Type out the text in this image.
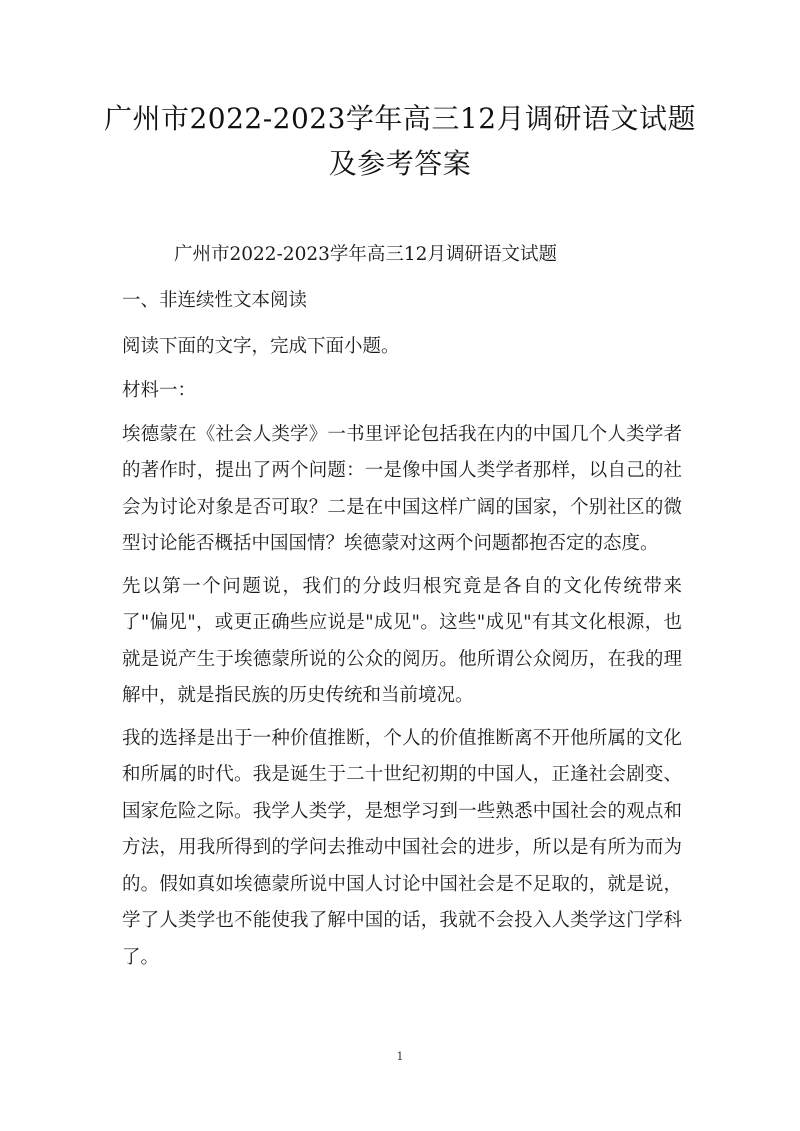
广州市2022-2023学年高三12月调研语文试题
及参考答案
广州市2022-2023学年高三12月调研语文试题

一、非连续性文本阅读

阅读下面的文字，完成下面小题。

材料一：

埃德蒙在《社会人类学》一书里评论包括我在内的中国几个人类学者的著作时，提出了两个问题：一是像中国人类学者那样，以自己的社会为讨论对象是否可取？二是在中国这样广阔的国家，个别社区的微型讨论能否概括中国国情？埃德蒙对这两个问题都抱否定的态度。

先以第一个问题说，我们的分歧归根究竟是各自的文化传统带来了"偏见"，或更正确些应说是"成见"。这些"成见"有其文化根源，也就是说产生于埃德蒙所说的公众的阅历。他所谓公众阅历，在我的理解中，就是指民族的历史传统和当前境况。

我的选择是出于一种价值推断，个人的价值推断离不开他所属的文化和所属的时代。我是诞生于二十世纪初期的中国人，正逢社会剧变、国家危险之际。我学人类学，是想学习到一些熟悉中国社会的观点和方法，用我所得到的学问去推动中国社会的进步，所以是有所为而为的。假如真如埃德蒙所说中国人讨论中国社会是不足取的，就是说，学了人类学也不能使我了解中国的话，我就不会投入人类学这门学科了。

1
